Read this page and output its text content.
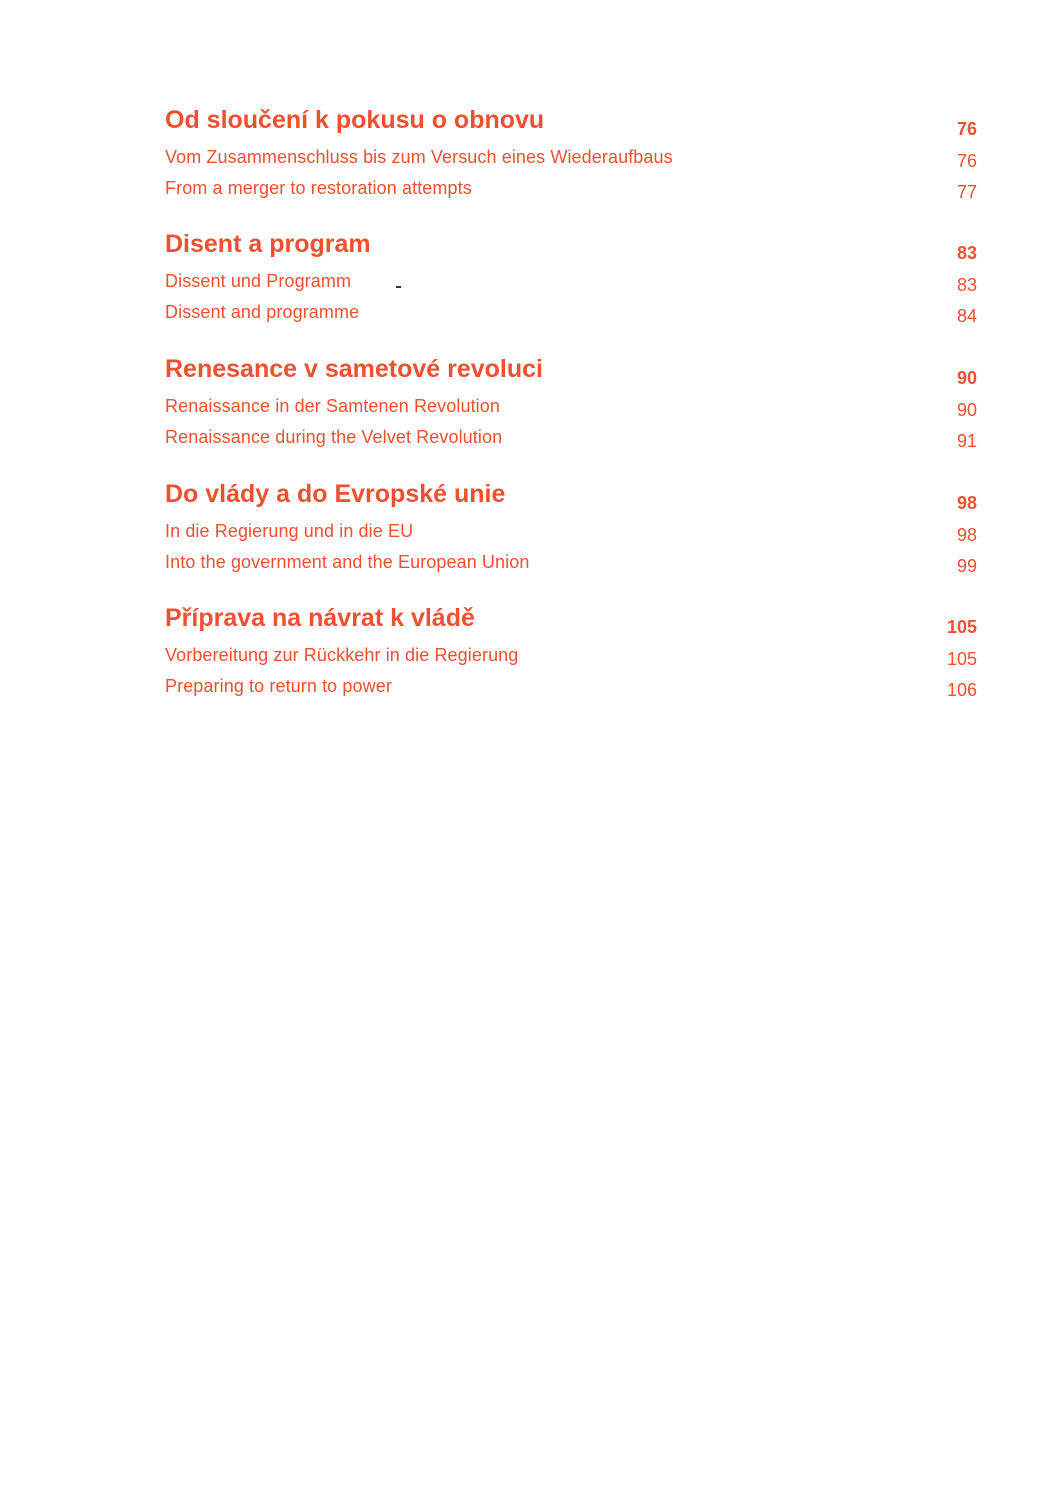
Od sloučení k pokusu o obnovu	76
Vom Zusammenschluss bis zum Versuch eines Wiederaufbaus	76
From a merger to restoration attempts	77
Disent a program	83
Dissent und Programm	83
Dissent and programme	84
Renesance v sametové revoluci	90
Renaissance in der Samtenen Revolution	90
Renaissance during the Velvet Revolution	91
Do vlády a do Evropské unie	98
In die Regierung und in die EU	98
Into the government and the European Union	99
Příprava na návrat k vládě	105
Vorbereitung zur Rückkehr in die Regierung	105
Preparing to return to power	106
